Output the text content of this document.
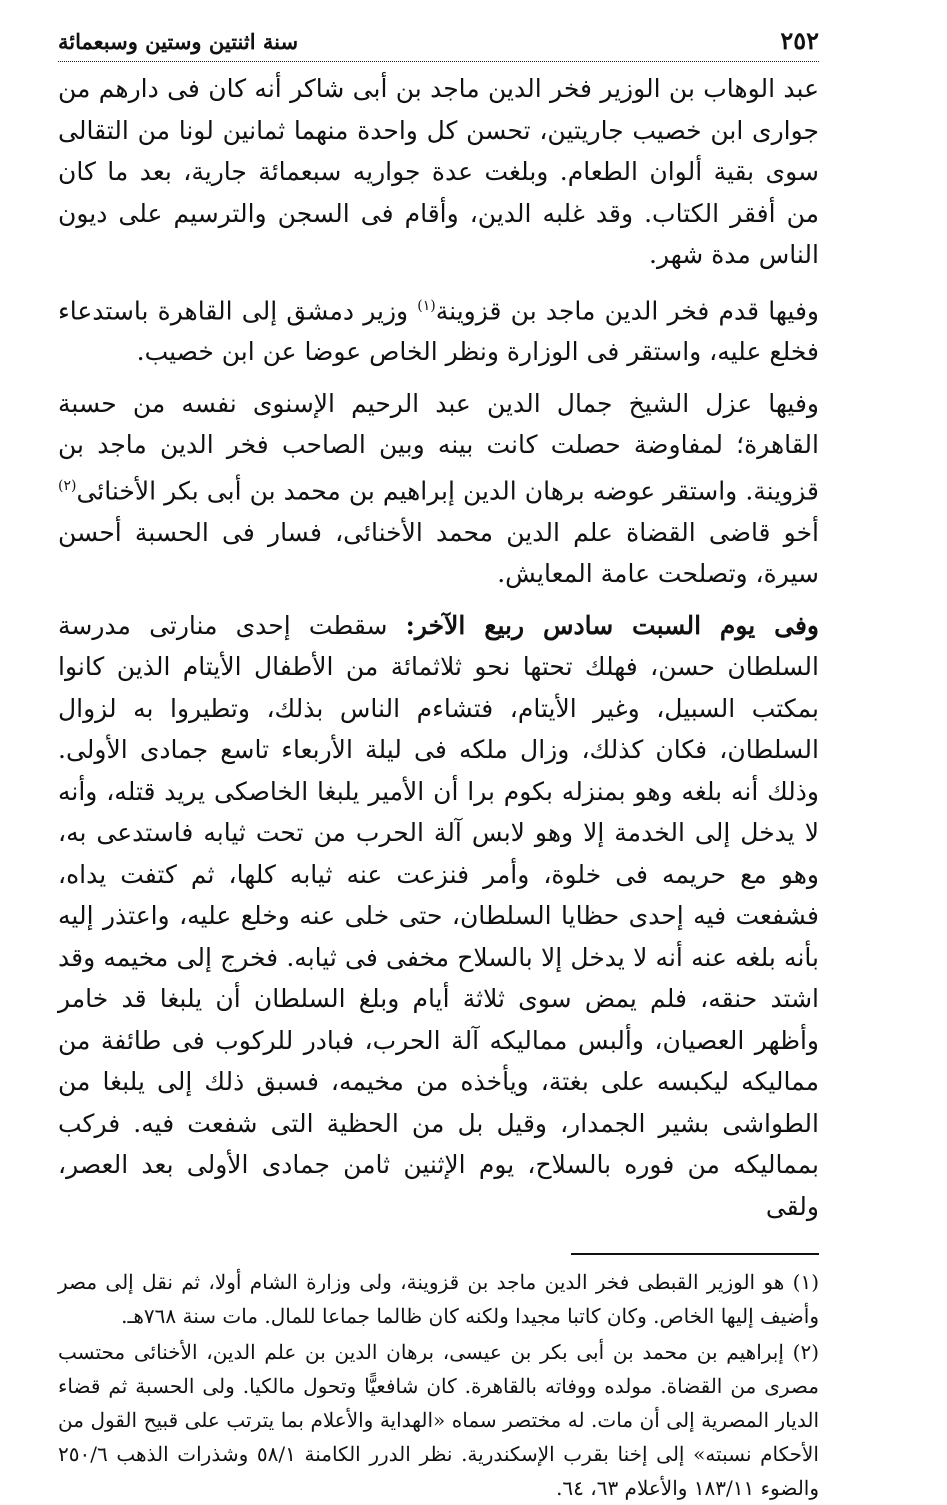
٢٥٢
سنة اثنتين وستين وسبعمائة

عبد الوهاب بن الوزير فخر الدين ماجد بن أبى شاكر أنه كان فى دارهم من جوارى ابن خصيب جاريتين، تحسن كل واحدة منهما ثمانين لونا من التقالى سوى بقية ألوان الطعام. وبلغت عدة جواريه سبعمائة جارية، بعد ما كان من أفقر الكتاب. وقد غلبه الدين، وأقام فى السجن والترسيم على ديون الناس مدة شهر.

وفيها قدم فخر الدين ماجد بن قزوينة$^{(١)}$ وزير دمشق إلى القاهرة باستدعاء فخلع عليه، واستقر فى الوزارة ونظر الخاص عوضا عن ابن خصيب.

وفيها عزل الشيخ جمال الدين عبد الرحيم الإسنوى نفسه من حسبة القاهرة؛ لمفاوضة حصلت كانت بينه وبين الصاحب فخر الدين ماجد بن قزوينة. واستقر عوضه برهان الدين إبراهيم بن محمد بن أبى بكر الأخنائى$^{(٢)}$ أخو قاضى القضاة علم الدين محمد الأخنائى، فسار فى الحسبة أحسن سيرة، وتصلحت عامة المعايش.

وفى يوم السبت سادس ربيع الآخر: سقطت إحدى منارتى مدرسة السلطان حسن، فهلك تحتها نحو ثلاثمائة من الأطفال الأيتام الذين كانوا بمكتب السبيل، وغير الأيتام، فتشاءم الناس بذلك، وتطيروا به لزوال السلطان، فكان كذلك، وزال ملكه فى ليلة الأربعاء تاسع جمادى الأولى. وذلك أنه بلغه وهو بمنزله بكوم برا أن الأمير يلبغا الخاصكى يريد قتله، وأنه لا يدخل إلى الخدمة إلا وهو لابس آلة الحرب من تحت ثيابه فاستدعى به، وهو مع حريمه فى خلوة، وأمر فنزعت عنه ثيابه كلها، ثم كتفت يداه، فشفعت فيه إحدى حظايا السلطان، حتى خلى عنه وخلع عليه، واعتذر إليه بأنه بلغه عنه أنه لا يدخل إلا بالسلاح مخفى فى ثيابه. فخرج إلى مخيمه وقد اشتد حنقه، فلم يمض سوى ثلاثة أيام وبلغ السلطان أن يلبغا قد خامر وأظهر العصيان، وألبس مماليكه آلة الحرب، فبادر للركوب فى طائفة من مماليكه ليكبسه على بغتة، ويأخذه من مخيمه، فسبق ذلك إلى يلبغا من الطواشى بشير الجمدار، وقيل بل من الحظية التى شفعت فيه. فركب بمماليكه من فوره بالسلاح، يوم الإثنين ثامن جمادى الأولى بعد العصر، ولقى

(١) هو الوزير القبطى فخر الدين ماجد بن قزوينة، ولى وزارة الشام أولا، ثم نقل إلى مصر وأضيف إليها الخاص. وكان كاتبا مجيدا ولكنه كان ظالما جماعا للمال. مات سنة ٧٦٨هـ.

(٢) إبراهيم بن محمد بن أبى بكر بن عيسى، برهان الدين بن علم الدين، الأخنائى محتسب مصرى من القضاة. مولده ووفاته بالقاهرة. كان شافعيًّا وتحول مالكيا. ولى الحسبة ثم قضاء الديار المصرية إلى أن مات. له مختصر سماه «الهداية والأعلام بما يترتب على قبيح القول من الأحكام نسبته» إلى إخنا بقرب الإسكندرية. نظر الدرر الكامنة ٥٨/١ وشذرات الذهب ٢٥٠/٦ والضوء ١٨٣/١١ والأعلام ٦٣، ٦٤.
